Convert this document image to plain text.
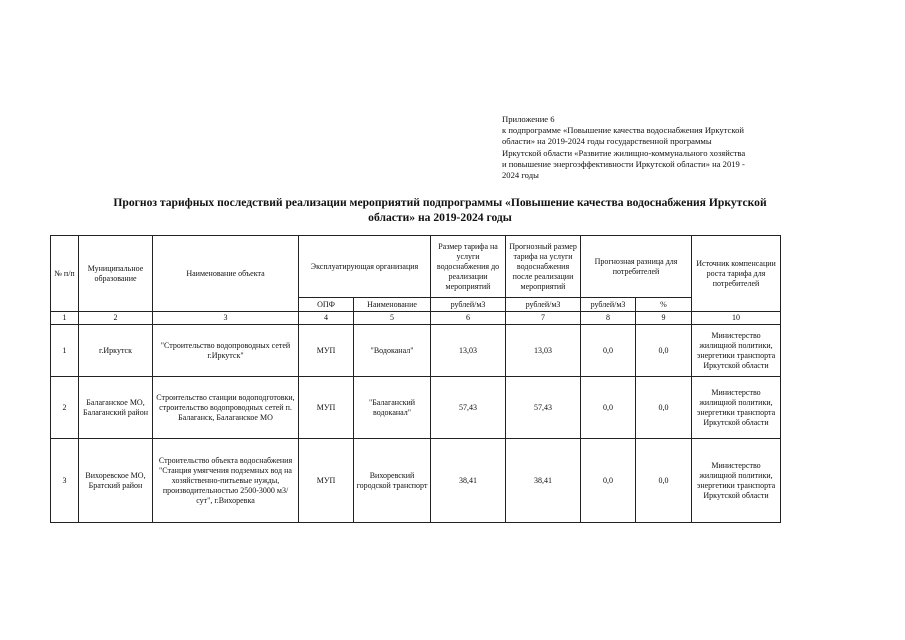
Приложение 6
к подпрограмме «Повышение качества водоснабжения Иркутской
области» на 2019-2024 годы государственной программы
Иркутской области «Развитие жилищно-коммунального хозяйства
и повышение энергоэффективности Иркутской области» на 2019 -
2024 годы
Прогноз тарифных последствий реализации мероприятий подпрограммы «Повышение качества водоснабжения Иркутской
области» на 2019-2024 годы
№ п/п	Муниципальное образование	Наименование объекта	Эксплуатирующая организация		Размер тарифа на услуги водоснабжения до реализации мероприятий	Прогнозный размер тарифа на услуги водоснабжения после реализации мероприятий	Прогнозная разница для потребителей		Источник компенсации роста тарифа для потребителей
			ОПФ	Наименование	рублей/м3	рублей/м3	рублей/м3	%	
1	2	3	4	5	6	7	8	9	10
1	г.Иркутск	"Строительство водопроводных сетей г.Иркутск"	МУП	"Водоканал"	13,03	13,03	0,0	0,0	Министерство жилищной политики, энергетики транспорта Иркутской области
2	Балаганское МО, Балаганский район	Строительство станции водоподготовки, строительство водопроводных сетей п. Балаганск, Балаганское МО	МУП	"Балаганский водоканал"	57,43	57,43	0,0	0,0	Министерство жилищной политики, энергетики транспорта Иркутской области
3	Вихоревское МО, Братский район	Строительство объекта водоснабжения "Станция умягчения подземных вод на хозяйственно-питьевые нужды, производительностью 2500-3000 м3/сут", г.Вихоревка	МУП	Вихоревский городской транспорт	38,41	38,41	0,0	0,0	Министерство жилищной политики, энергетики транспорта Иркутской области
